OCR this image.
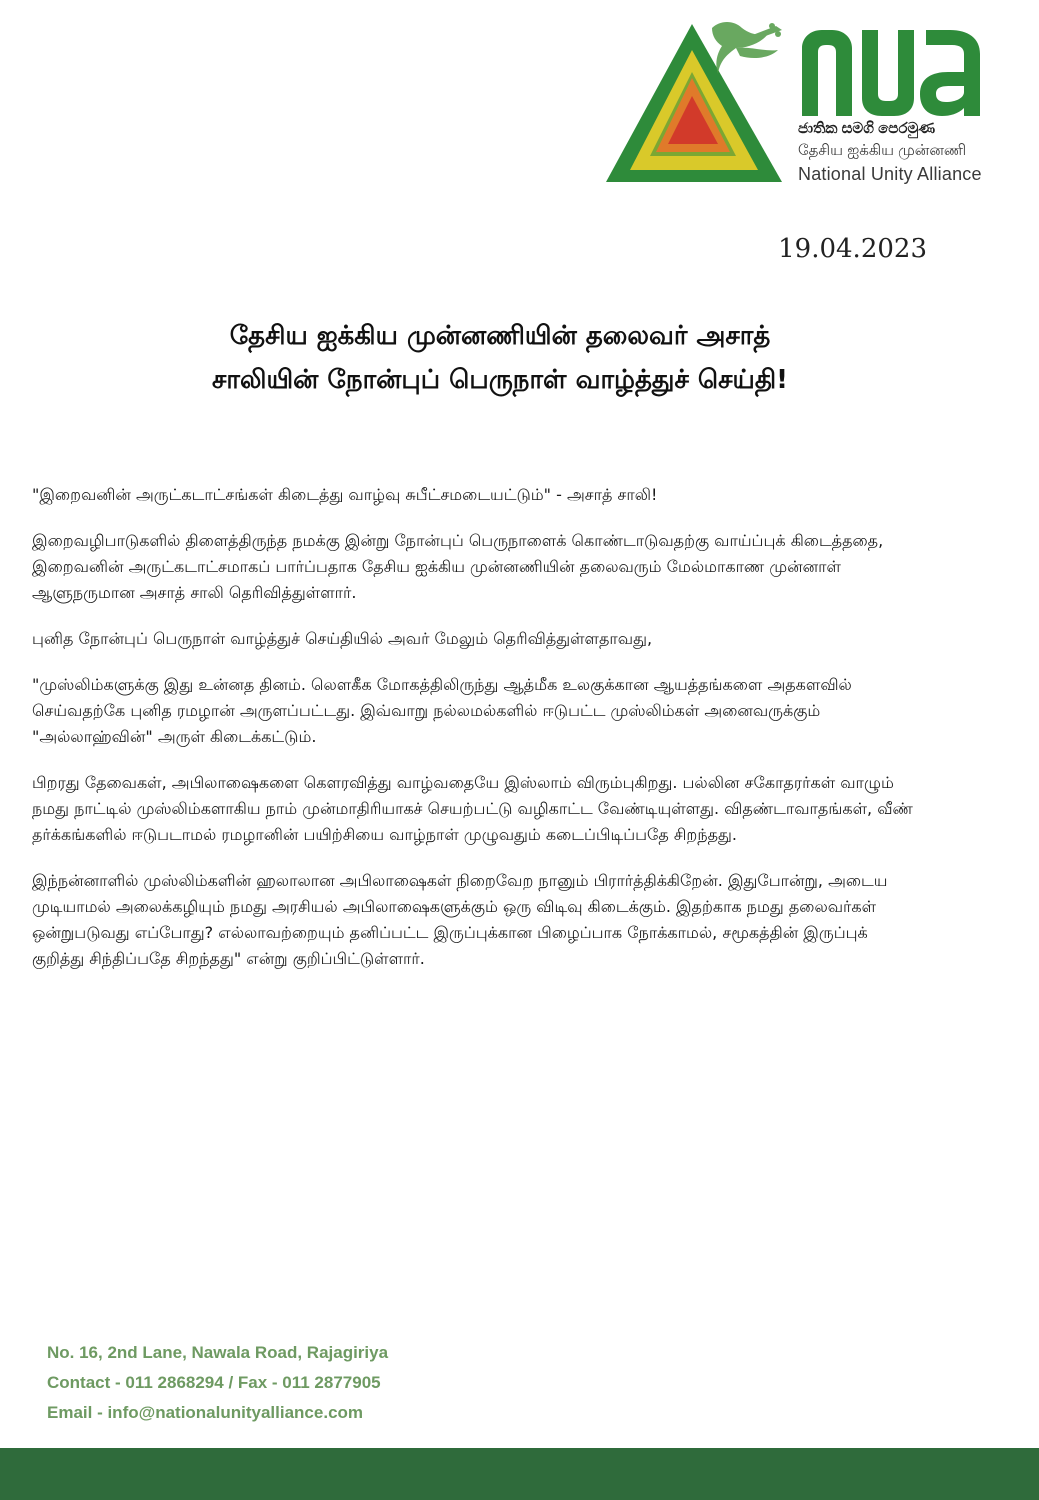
ජාතික සමගි පෙරමුණ
தேசிய ஐக்கிய முன்னணி
National Unity Alliance
19.04.2023
தேசிய ஐக்கிய முன்னணியின் தலைவர் அசாத்
சாலியின் நோன்புப் பெருநாள் வாழ்த்துச் செய்தி!

"இறைவனின் அருட்கடாட்சங்கள் கிடைத்து வாழ்வு சுபீட்சமடையட்டும்" - அசாத் சாலி!

இறைவழிபாடுகளில் திளைத்திருந்த நமக்கு இன்று நோன்புப் பெருநாளைக் கொண்டாடுவதற்கு வாய்ப்புக் கிடைத்ததை, இறைவனின் அருட்கடாட்சமாகப் பார்ப்பதாக தேசிய ஐக்கிய முன்னணியின் தலைவரும் மேல்மாகாண முன்னாள் ஆளுநருமான அசாத் சாலி தெரிவித்துள்ளார்.

புனித நோன்புப் பெருநாள் வாழ்த்துச் செய்தியில் அவர் மேலும் தெரிவித்துள்ளதாவது,

"முஸ்லிம்களுக்கு இது உன்னத தினம். லௌகீக மோகத்திலிருந்து ஆத்மீக உலகுக்கான ஆயத்தங்களை அதகளவில் செய்வதற்கே புனித ரமழான் அருளப்பட்டது. இவ்வாறு நல்லமல்களில் ஈடுபட்ட முஸ்லிம்கள் அனைவருக்கும் "அல்லாஹ்வின்" அருள் கிடைக்கட்டும்.

பிறரது தேவைகள், அபிலாஷைகளை கௌரவித்து வாழ்வதையே இஸ்லாம் விரும்புகிறது. பல்லின சகோதரர்கள் வாழும் நமது நாட்டில் முஸ்லிம்களாகிய நாம் முன்மாதிரியாகச் செயற்பட்டு வழிகாட்ட வேண்டியுள்ளது. விதண்டாவாதங்கள், வீண் தர்க்கங்களில் ஈடுபடாமல் ரமழானின் பயிற்சியை வாழ்நாள் முழுவதும் கடைப்பிடிப்பதே சிறந்தது.

இந்நன்னாளில் முஸ்லிம்களின் ஹலாலான அபிலாஷைகள் நிறைவேற நானும் பிரார்த்திக்கிறேன். இதுபோன்று, அடைய முடியாமல் அலைக்கழியும் நமது அரசியல் அபிலாஷைகளுக்கும் ஒரு விடிவு கிடைக்கும். இதற்காக நமது தலைவர்கள் ஒன்றுபடுவது எப்போது? எல்லாவற்றையும் தனிப்பட்ட இருப்புக்கான பிழைப்பாக நோக்காமல், சமூகத்தின் இருப்புக் குறித்து சிந்திப்பதே சிறந்தது" என்று குறிப்பிட்டுள்ளார்.

No. 16, 2nd Lane, Nawala Road, Rajagiriya
Contact - 011 2868294 / Fax - 011 2877905
Email - info@nationalunityalliance.com
